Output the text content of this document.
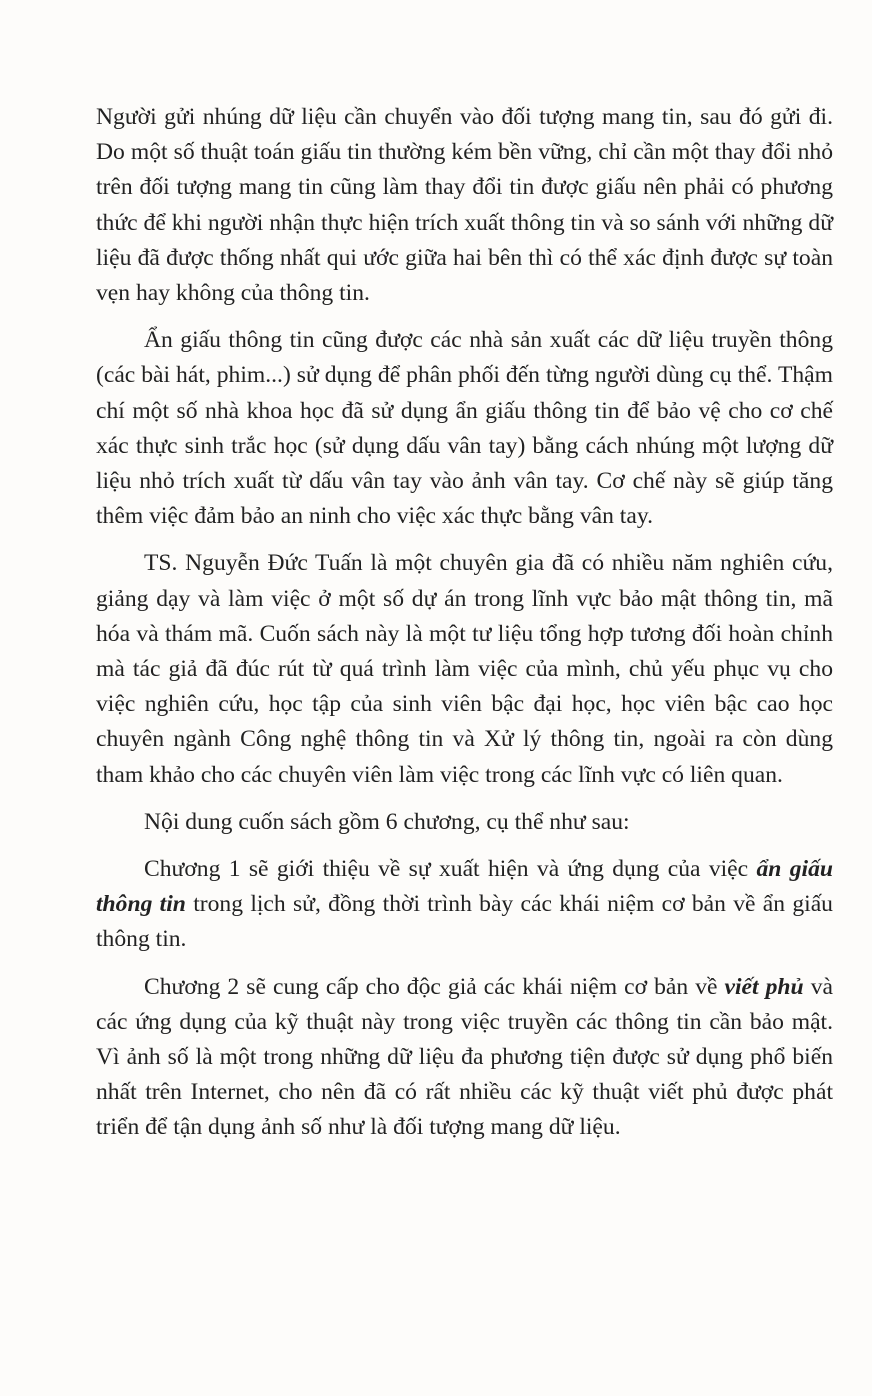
Người gửi nhúng dữ liệu cần chuyển vào đối tượng mang tin, sau đó gửi đi. Do một số thuật toán giấu tin thường kém bền vững, chỉ cần một thay đổi nhỏ trên đối tượng mang tin cũng làm thay đổi tin được giấu nên phải có phương thức để khi người nhận thực hiện trích xuất thông tin và so sánh với những dữ liệu đã được thống nhất qui ước giữa hai bên thì có thể xác định được sự toàn vẹn hay không của thông tin.

Ẩn giấu thông tin cũng được các nhà sản xuất các dữ liệu truyền thông (các bài hát, phim...) sử dụng để phân phối đến từng người dùng cụ thể. Thậm chí một số nhà khoa học đã sử dụng ẩn giấu thông tin để bảo vệ cho cơ chế xác thực sinh trắc học (sử dụng dấu vân tay) bằng cách nhúng một lượng dữ liệu nhỏ trích xuất từ dấu vân tay vào ảnh vân tay. Cơ chế này sẽ giúp tăng thêm việc đảm bảo an ninh cho việc xác thực bằng vân tay.

TS. Nguyễn Đức Tuấn là một chuyên gia đã có nhiều năm nghiên cứu, giảng dạy và làm việc ở một số dự án trong lĩnh vực bảo mật thông tin, mã hóa và thám mã. Cuốn sách này là một tư liệu tổng hợp tương đối hoàn chỉnh mà tác giả đã đúc rút từ quá trình làm việc của mình, chủ yếu phục vụ cho việc nghiên cứu, học tập của sinh viên bậc đại học, học viên bậc cao học chuyên ngành Công nghệ thông tin và Xử lý thông tin, ngoài ra còn dùng tham khảo cho các chuyên viên làm việc trong các lĩnh vực có liên quan.

Nội dung cuốn sách gồm 6 chương, cụ thể như sau:

Chương 1 sẽ giới thiệu về sự xuất hiện và ứng dụng của việc ẩn giấu thông tin trong lịch sử, đồng thời trình bày các khái niệm cơ bản về ẩn giấu thông tin.

Chương 2 sẽ cung cấp cho độc giả các khái niệm cơ bản về viết phủ và các ứng dụng của kỹ thuật này trong việc truyền các thông tin cần bảo mật. Vì ảnh số là một trong những dữ liệu đa phương tiện được sử dụng phổ biến nhất trên Internet, cho nên đã có rất nhiều các kỹ thuật viết phủ được phát triển để tận dụng ảnh số như là đối tượng mang dữ liệu.
